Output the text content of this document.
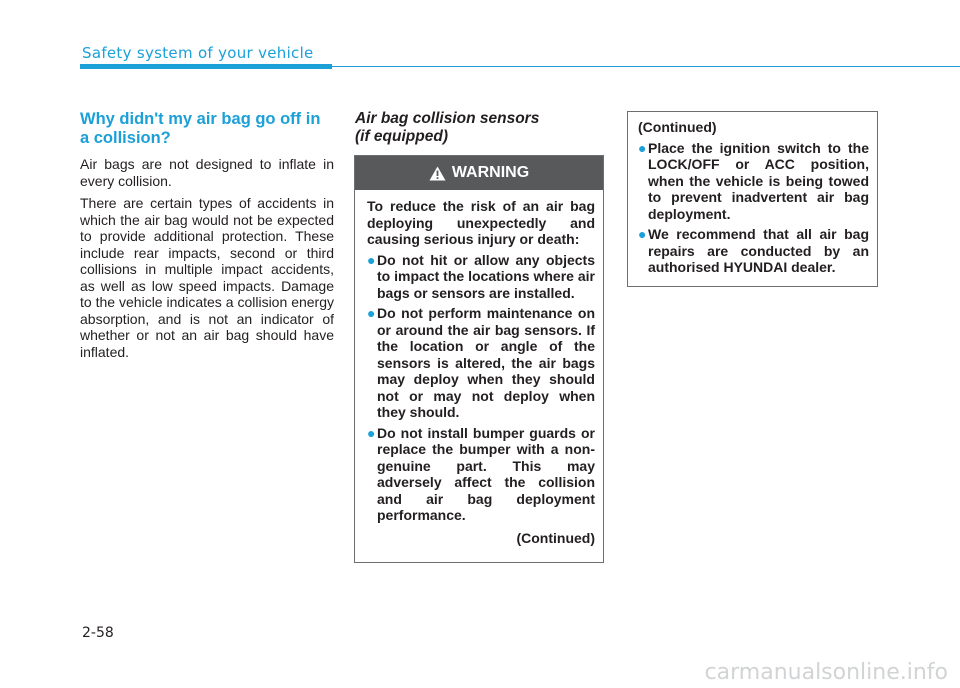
Safety system of your vehicle
Why didn't my air bag go off in a collision?

Air bags are not designed to inflate in every collision.

There are certain types of accidents in which the air bag would not be expected to provide additional protection. These include rear impacts, second or third collisions in multiple impact accidents, as well as low speed impacts. Damage to the vehicle indicates a collision energy absorption, and is not an indicator of whether or not an air bag should have inflated.

Air bag collision sensors
(if equipped)
WARNING

To reduce the risk of an air bag deploying unexpectedly and causing serious injury or death:

● Do not hit or allow any objects to impact the locations where air bags or sensors are installed.
● Do not perform maintenance on or around the air bag sensors. If the location or angle of the sensors is altered, the air bags may deploy when they should not or may not deploy when they should.
● Do not install bumper guards or replace the bumper with a non-genuine part. This may adversely affect the collision and air bag deployment performance.

(Continued)

(Continued)

● Place the ignition switch to the LOCK/OFF or ACC position, when the vehicle is being towed to prevent inadvertent air bag deployment.
● We recommend that all air bag repairs are conducted by an authorised HYUNDAI dealer.
2-58
carmanualsonline.info
